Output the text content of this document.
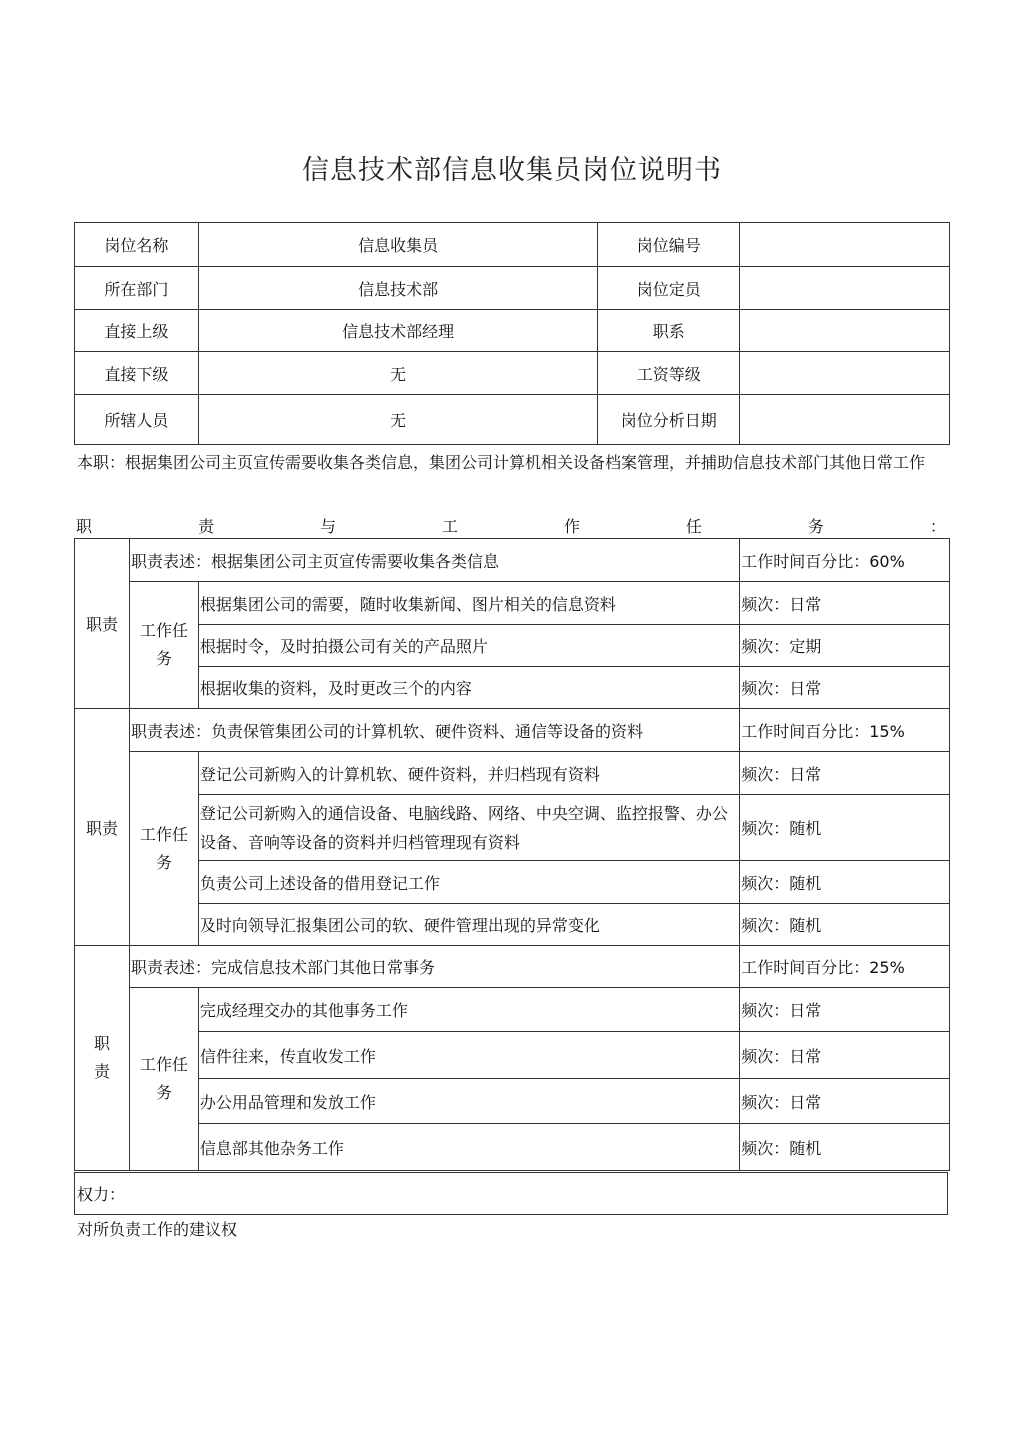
信息技术部信息收集员岗位说明书
岗位名称	信息收集员	岗位编号	
所在部门	信息技术部	岗位定员	
直接上级	信息技术部经理	职系	
直接下级	无	工资等级	
所辖人员	无	岗位分析日期	
本职：根据集团公司主页宣传需要收集各类信息，集团公司计算机相关设备档案管理，并捕助信息技术部门其他日常工作
职	责	与	工	作	任	务	：
职责	职责表述：根据集团公司主页宣传需要收集各类信息		工作时间百分比：60%
	工作任务	根据集团公司的需要，随时收集新闻、图片相关的信息资料	频次：日常
		根据时令，及时拍摄公司有关的产品照片	频次：定期
		根据收集的资料，及时更改三个的内容	频次：日常
职责	职责表述：负责保管集团公司的计算机软、硬件资料、通信等设备的资料		工作时间百分比：15%
	工作任务	登记公司新购入的计算机软、硬件资料，并归档现有资料	频次：日常
		登记公司新购入的通信设备、电脑线路、网络、中央空调、监控报警、办公设备、音响等设备的资料并归档管理现有资料	频次：随机
		负责公司上述设备的借用登记工作	频次：随机
		及时向领导汇报集团公司的软、硬件管理出现的异常变化	频次：随机
职责	职责表述：完成信息技术部门其他日常事务		工作时间百分比：25%
	工作任务	完成经理交办的其他事务工作	频次：日常
		信件往来，传直收发工作	频次：日常
		办公用品管理和发放工作	频次：日常
		信息部其他杂务工作	频次：随机
权力：
对所负责工作的建议权
